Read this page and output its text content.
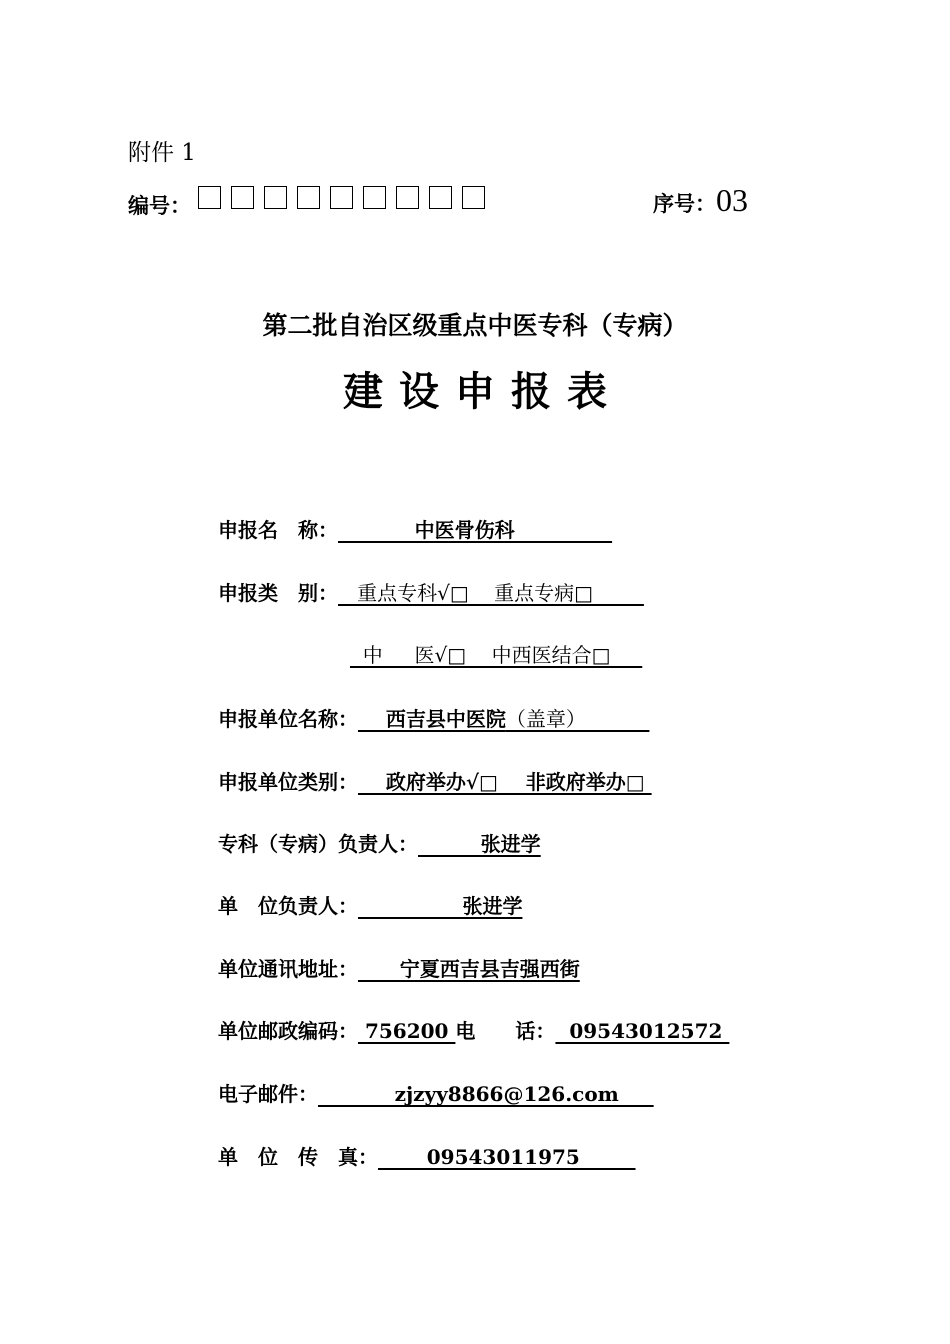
附件 1
编号：	序号：03
第二批自治区级重点中医专科（专病）
建设申报表
申报名　称：           中医骨伤科
申报类　别：   重点专科√□    重点专病□
中     医√□    中西医结合□
申报单位名称：    西吉县中医院（盖章）
申报单位类别：    政府举办√□    非政府举办□
专科（专病）负责人：         张进学
单　位负责人：               张进学
单位通讯地址：      宁夏西吉县吉强西街
单位邮政编码： 756200 电　　话：  09543012572
电子邮件：           zjzyy8866@126.com
单　位　传　真：       09543011975
